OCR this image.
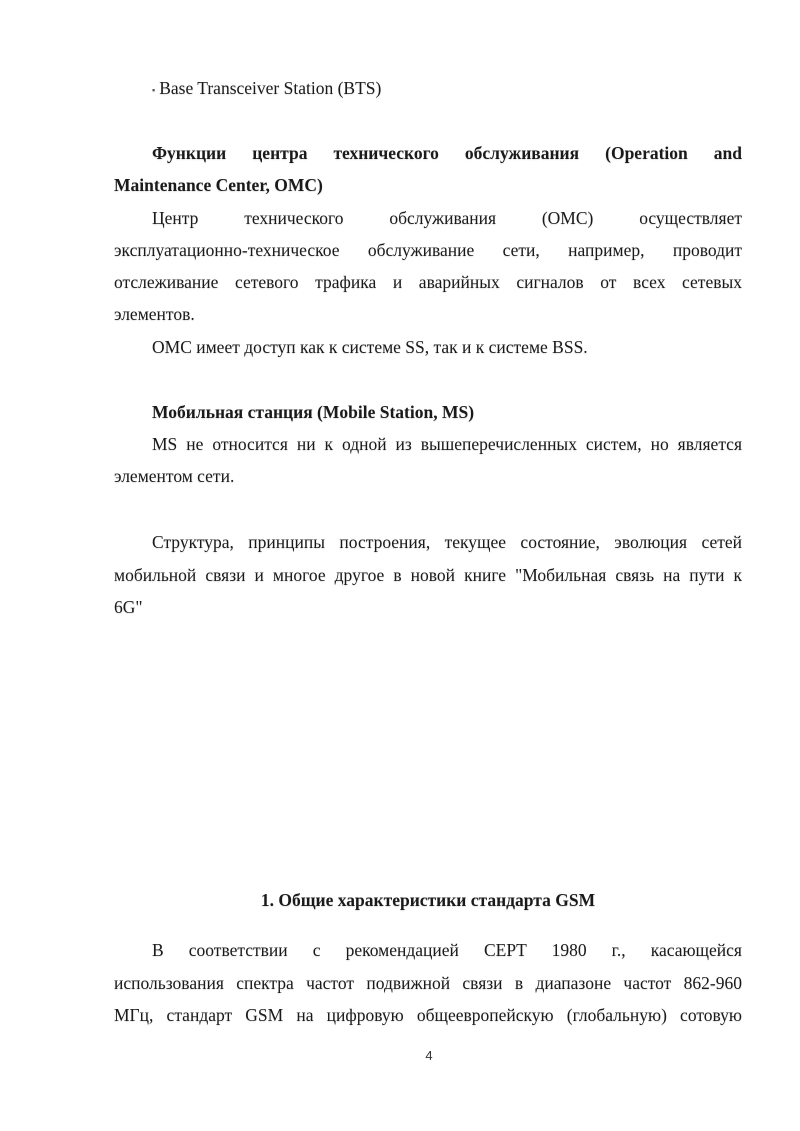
▪ Base Transceiver Station (BTS)
Функции центра технического обслуживания (Operation and
Maintenance Center, OMC)
Центр технического обслуживания (OMC) осуществляет
эксплуатационно-техническое обслуживание сети, например, проводит
отслеживание сетевого трафика и аварийных сигналов от всех сетевых
элементов.
OMC имеет доступ как к системе SS, так и к системе BSS.
Мобильная станция (Mobile Station, MS)
MS не относится ни к одной из вышеперечисленных систем, но является
элементом сети.
Структура, принципы построения, текущее состояние, эволюция сетей
мобильной связи и многое другое в новой книге "Мобильная связь на пути к
6G"
1. Общие характеристики стандарта GSM
В соответствии с рекомендацией CEPT 1980 г., касающейся
использования спектра частот подвижной связи в диапазоне частот 862-960
МГц, стандарт GSM на цифровую общеевропейскую (глобальную) сотовую
4
